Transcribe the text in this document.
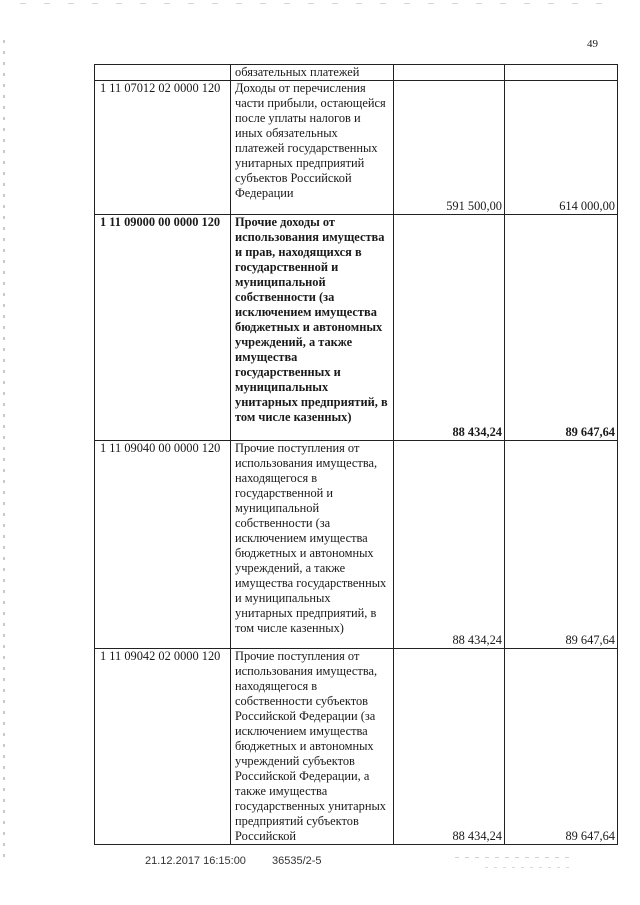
49
	обязательных платежей		
1 11 07012 02 0000 120	Доходы от перечисления части прибыли, остающейся после уплаты налогов и иных обязательных платежей государственных унитарных предприятий субъектов Российской Федерации	591 500,00	614 000,00
1 11 09000 00 0000 120	Прочие доходы от использования имущества и прав, находящихся в государственной и муниципальной собственности (за исключением имущества бюджетных и автономных учреждений, а также имущества государственных и муниципальных унитарных предприятий, в том числе казенных)	88 434,24	89 647,64
1 11 09040 00 0000 120	Прочие поступления от использования имущества, находящегося в государственной и муниципальной собственности (за исключением имущества бюджетных и автономных учреждений, а также имущества государственных и муниципальных унитарных предприятий, в том числе казенных)	88 434,24	89 647,64
1 11 09042 02 0000 120	Прочие поступления от использования имущества, находящегося в собственности субъектов Российской Федерации (за исключением имущества бюджетных и автономных учреждений субъектов Российской Федерации, а также имущества государственных унитарных предприятий субъектов Российской	88 434,24	89 647,64
21.12.2017 16:15:00 36535/2-5
